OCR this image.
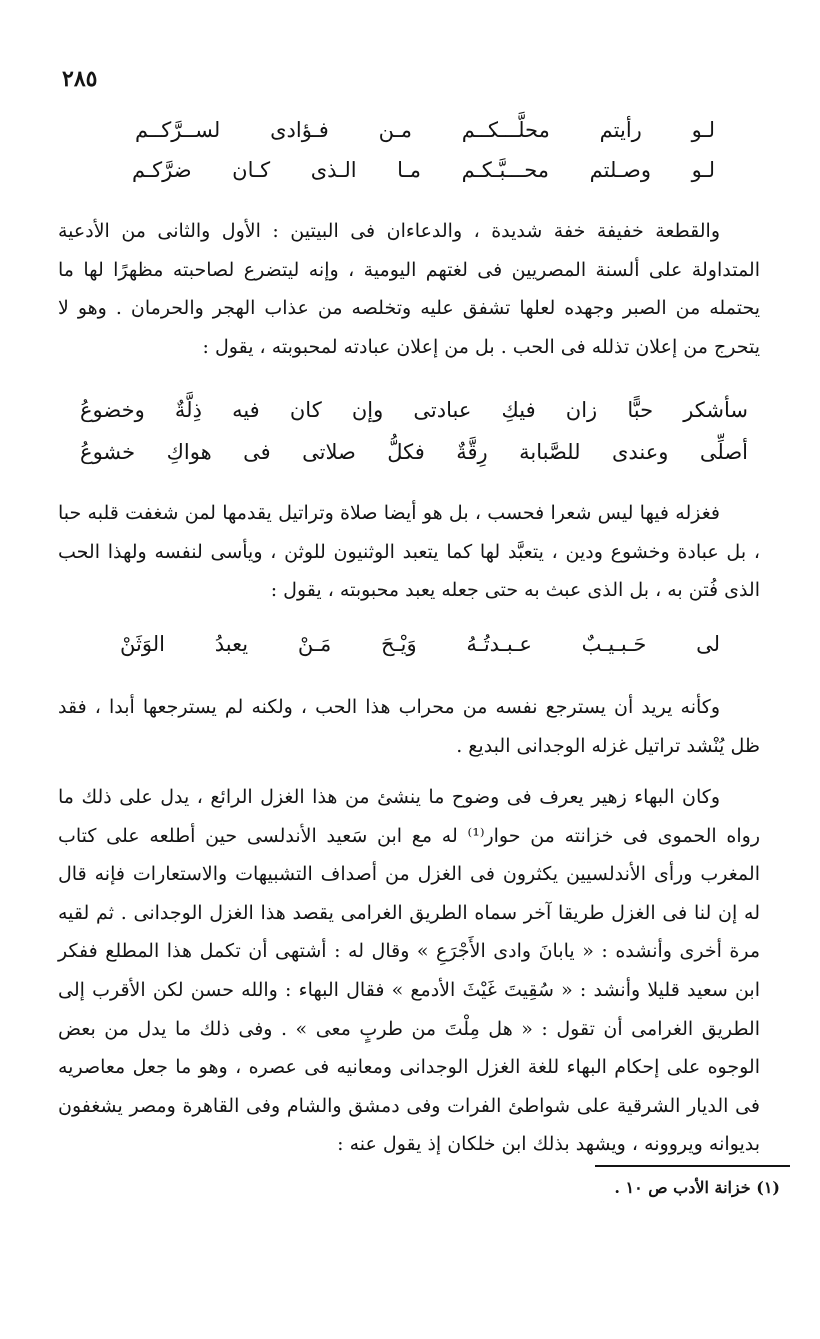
٢٨٥
لـو
رأيتم
محلَّـــكــم
مـن
فـؤادى
لســرَّكــم
لـو
وصـلتم
محـــبَّـكـم
مـا
الـذى
كـان
ضرَّكـم

والقطعة خفيفة خفة شديدة ، والدعاءان فى البيتين : الأول والثانى من الأدعية المتداولة على ألسنة المصريين فى لغتهم اليومية ، وإنه ليتضرع لصاحبته مظهرًا لها ما يحتمله من الصبر وجهده لعلها تشفق عليه وتخلصه من عذاب الهجر والحرمان . وهو لا يتحرج من إعلان تذلله فى الحب . بل من إعلان عبادته لمحبوبته ، يقول :

سأشكر
حبًّا
زان
فيكِ
عبادتى
وإن
كان
فيه
ذِلَّةٌ
وخضوعُ
أصلِّى
وعندى
للصَّبابة
رِقَّةٌ
فكلُّ
صلاتى
فى
هواكِ
خشوعُ

فغزله فيها ليس شعرا فحسب ، بل هو أيضا صلاة وتراتيل يقدمها لمن شغفت قلبه حبا ، بل عبادة وخشوع ودين ، يتعبَّد لها كما يتعبد الوثنيون للوثن ، ويأسى لنفسه ولهذا الحب الذى فُتن به ، بل الذى عبث به حتى جعله يعبد محبوبته ، يقول :

لى
حَـبـيـبٌ
عـبـدتُـهُ
وَيْـحَ
مَـنْ
يعبدُ
الوَثَنْ

وكأنه يريد أن يسترجع نفسه من محراب هذا الحب ، ولكنه لم يسترجعها أبدا ، فقد ظل يُنْشد تراتيل غزله الوجدانى البديع .

وكان البهاء زهير يعرف فى وضوح ما ينشئ من هذا الغزل الرائع ، يدل على ذلك ما رواه الحموى فى خزانته من حوار⁽¹⁾ له مع ابن سَعيد الأندلسى حين أطلعه على كتاب المغرب ورأى الأندلسيين يكثرون فى الغزل من أصداف التشبيهات والاستعارات فإنه قال له إن لنا فى الغزل طريقا آخر سماه الطريق الغرامى يقصد هذا الغزل الوجدانى . ثم لقيه مرة أخرى وأنشده : « يابانَ وادى الأَجْرَعِ » وقال له : أشتهى أن تكمل هذا المطلع ففكر ابن سعيد قليلا وأنشد : « سُقِيتَ غَيْثَ الأدمع » فقال البهاء : والله حسن لكن الأقرب إلى الطريق الغرامى أن تقول : « هل مِلْتَ من طربٍ معى » . وفى ذلك ما يدل من بعض الوجوه على إحكام البهاء للغة الغزل الوجدانى ومعانيه فى عصره ، وهو ما جعل معاصريه فى الديار الشرقية على شواطئ الفرات وفى دمشق والشام وفى القاهرة ومصر يشغفون بديوانه ويروونه ، ويشهد بذلك ابن خلكان إذ يقول عنه :

(١) خزانة الأدب ص ١٠ .
